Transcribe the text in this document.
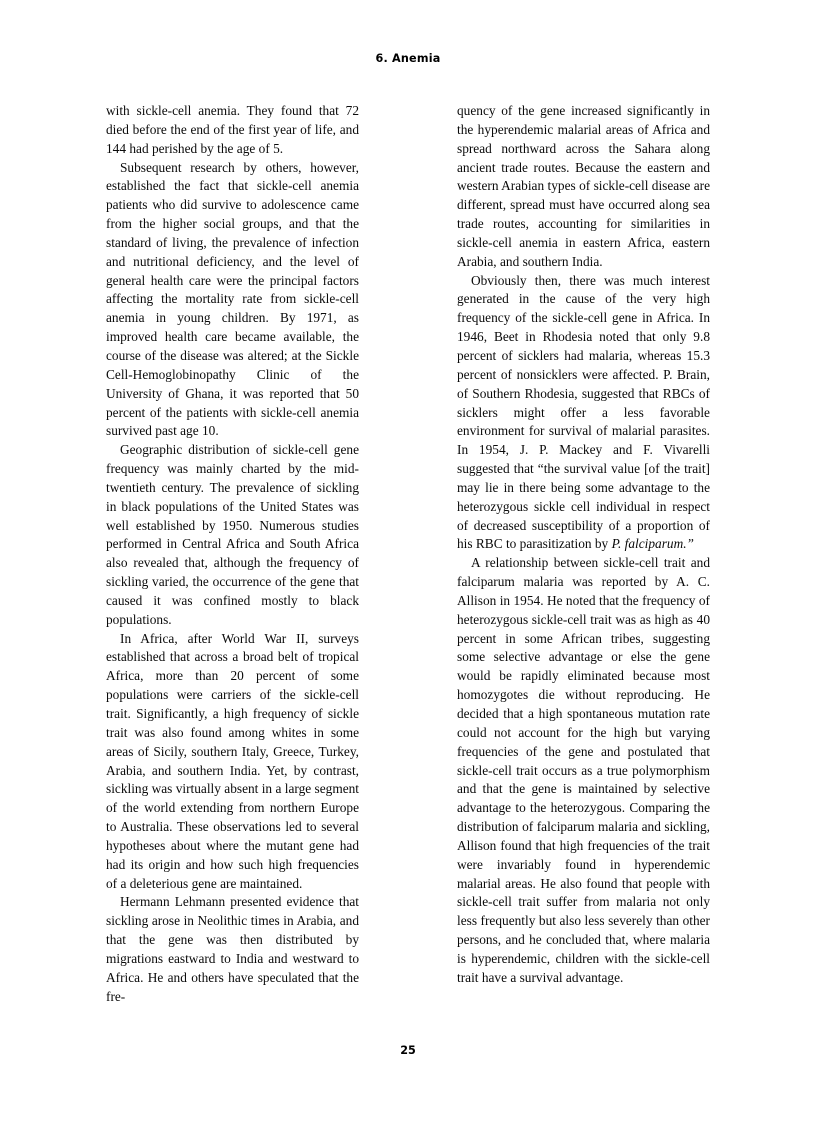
6. Anemia

with sickle-cell anemia. They found that 72 died before the end of the first year of life, and 144 had perished by the age of 5.

Subsequent research by others, however, established the fact that sickle-cell anemia patients who did survive to adolescence came from the higher social groups, and that the standard of living, the prevalence of infection and nutritional deficiency, and the level of general health care were the principal factors affecting the mortality rate from sickle-cell anemia in young children. By 1971, as improved health care became available, the course of the disease was altered; at the Sickle Cell-Hemoglobinopathy Clinic of the University of Ghana, it was reported that 50 percent of the patients with sickle-cell anemia survived past age 10.

Geographic distribution of sickle-cell gene frequency was mainly charted by the mid-twentieth century. The prevalence of sickling in black populations of the United States was well established by 1950. Numerous studies performed in Central Africa and South Africa also revealed that, although the frequency of sickling varied, the occurrence of the gene that caused it was confined mostly to black populations.

In Africa, after World War II, surveys established that across a broad belt of tropical Africa, more than 20 percent of some populations were carriers of the sickle-cell trait. Significantly, a high frequency of sickle trait was also found among whites in some areas of Sicily, southern Italy, Greece, Turkey, Arabia, and southern India. Yet, by contrast, sickling was virtually absent in a large segment of the world extending from northern Europe to Australia. These observations led to several hypotheses about where the mutant gene had had its origin and how such high frequencies of a deleterious gene are maintained.

Hermann Lehmann presented evidence that sickling arose in Neolithic times in Arabia, and that the gene was then distributed by migrations eastward to India and westward to Africa. He and others have speculated that the fre-

quency of the gene increased significantly in the hyperendemic malarial areas of Africa and spread northward across the Sahara along ancient trade routes. Because the eastern and western Arabian types of sickle-cell disease are different, spread must have occurred along sea trade routes, accounting for similarities in sickle-cell anemia in eastern Africa, eastern Arabia, and southern India.

Obviously then, there was much interest generated in the cause of the very high frequency of the sickle-cell gene in Africa. In 1946, Beet in Rhodesia noted that only 9.8 percent of sicklers had malaria, whereas 15.3 percent of nonsicklers were affected. P. Brain, of Southern Rhodesia, suggested that RBCs of sicklers might offer a less favorable environment for survival of malarial parasites. In 1954, J. P. Mackey and F. Vivarelli suggested that “the survival value [of the trait] may lie in there being some advantage to the heterozygous sickle cell individual in respect of decreased susceptibility of a proportion of his RBC to parasitization by P. falciparum.”

A relationship between sickle-cell trait and falciparum malaria was reported by A. C. Allison in 1954. He noted that the frequency of heterozygous sickle-cell trait was as high as 40 percent in some African tribes, suggesting some selective advantage or else the gene would be rapidly eliminated because most homozygotes die without reproducing. He decided that a high spontaneous mutation rate could not account for the high but varying frequencies of the gene and postulated that sickle-cell trait occurs as a true polymorphism and that the gene is maintained by selective advantage to the heterozygous. Comparing the distribution of falciparum malaria and sickling, Allison found that high frequencies of the trait were invariably found in hyperendemic malarial areas. He also found that people with sickle-cell trait suffer from malaria not only less frequently but also less severely than other persons, and he concluded that, where malaria is hyperendemic, children with the sickle-cell trait have a survival advantage.

25
